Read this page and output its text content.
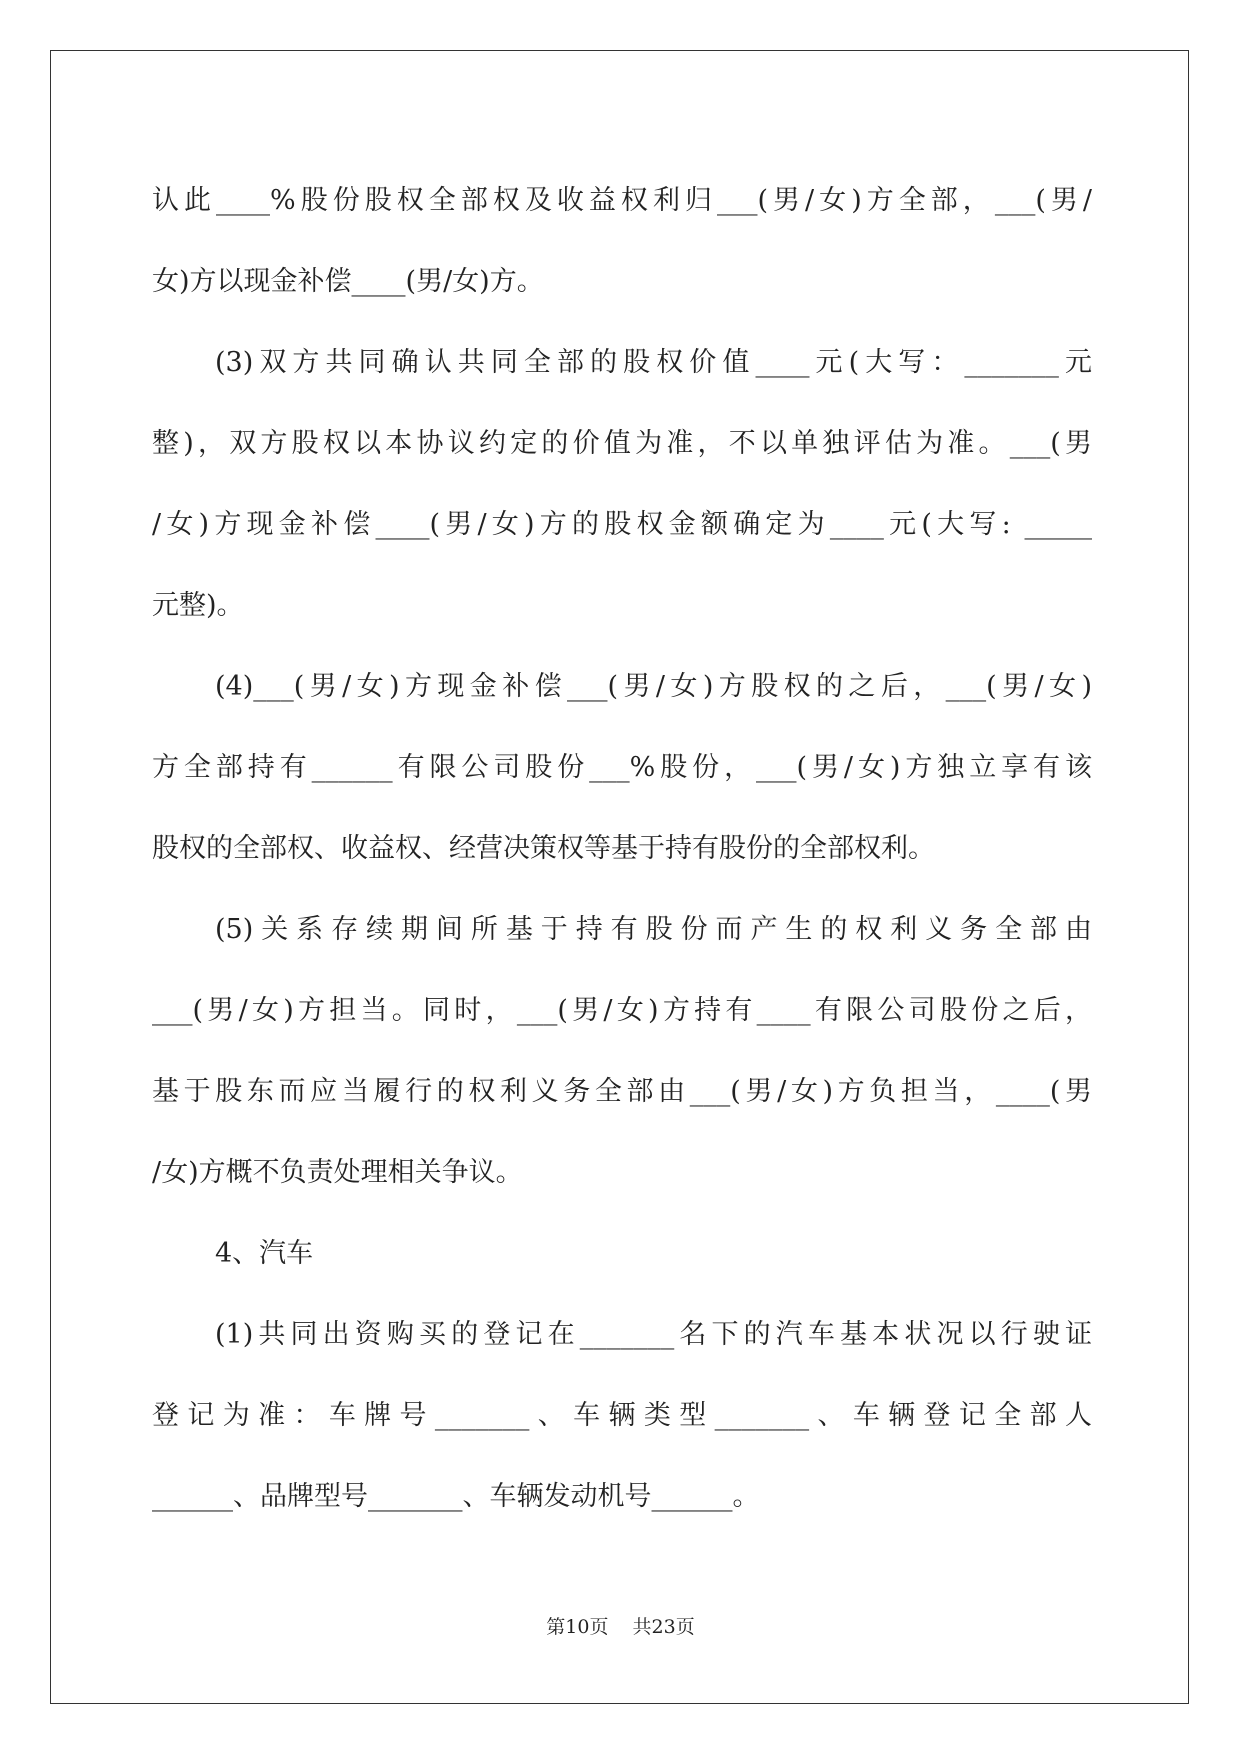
认此____%股份股权全部权及收益权利归___(男/女)方全部，___(男/
女)方以现金补偿____(男/女)方。
(3)双方共同确认共同全部的股权价值____元(大写：_______元
整)，双方股权以本协议约定的价值为准，不以单独评估为准。___(男
/女)方现金补偿____(男/女)方的股权金额确定为____元(大写: _____
元整)。
(4)___(男/女)方现金补偿___(男/女)方股权的之后，___(男/女)
方全部持有______有限公司股份___%股份，___(男/女)方独立享有该
股权的全部权、收益权、经营决策权等基于持有股份的全部权利。
(5)关系存续期间所基于持有股份而产生的权利义务全部由
___(男/女)方担当。同时，___(男/女)方持有____有限公司股份之后，
基于股东而应当履行的权利义务全部由___(男/女)方负担当，____(男
/女)方概不负责处理相关争议。
4、汽车
(1)共同出资购买的登记在_______名下的汽车基本状况以行驶证
登记为准：车牌号_______、车辆类型_______、车辆登记全部人
______、品牌型号_______、车辆发动机号______。
第10页 共23页
